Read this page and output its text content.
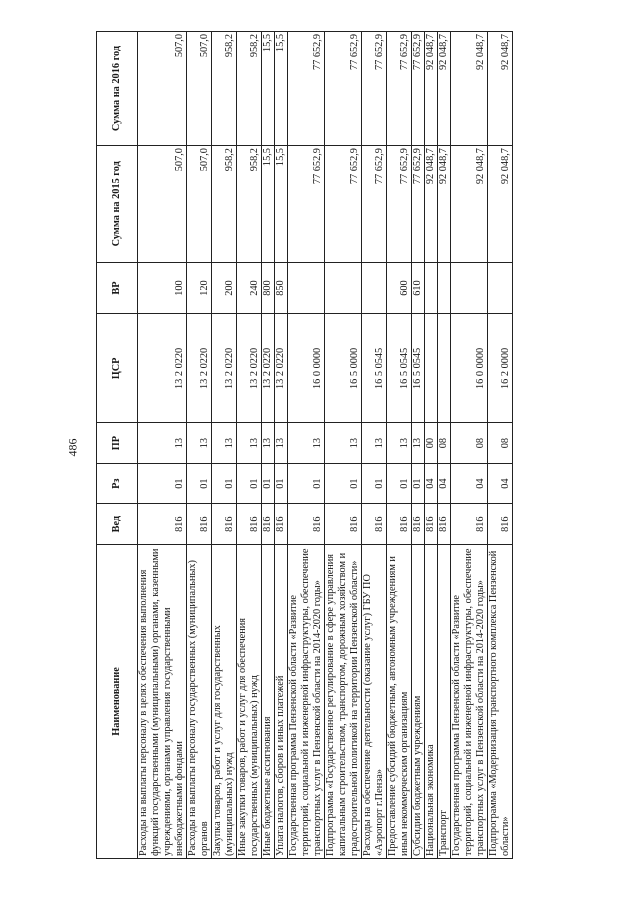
486
Наименование	Вед	Рз	ПР	ЦСР	ВР	Сумма на 2015 год	Сумма на 2016 год
Расходы на выплаты персоналу в целях обеспечения выполнения функций государственными (муниципальными) органами, казенными учреждениями, органами управления государственными внебюджетными фондами	816	01	13	13 2 0220	100	507,0	507,0
Расходы на выплаты персоналу государственных (муниципальных) органов	816	01	13	13 2 0220	120	507,0	507,0
Закупка товаров, работ и услуг для государственных (муниципальных) нужд	816	01	13	13 2 0220	200	958,2	958,2
Иные закупки товаров, работ и услуг для обеспечения государственных (муниципальных) нужд	816	01	13	13 2 0220	240	958,2	958,2
Иные бюджетные ассигнования	816	01	13	13 2 0220	800	15,5	15,5
Уплата налогов, сборов и иных платежей	816	01	13	13 2 0220	850	15,5	15,5
Государственная программа Пензенской области «Развитие территорий, социальной и инженерной инфраструктуры, обеспечение транспортных услуг в Пензенской области на 2014-2020 годы»	816	01	13	16 0 0000		77 652,9	77 652,9
Подпрограмма «Государственное регулирование в сфере управления капитальным строительством, транспортом, дорожным хозяйством и градостроительной политикой на территории Пензенской области»	816	01	13	16 5 0000		77 652,9	77 652,9
Расходы на обеспечение деятельности (оказание услуг) ГБУ ПО «Аэропорт г.Пенза»	816	01	13	16 5 0545		77 652,9	77 652,9
Предоставление субсидий бюджетным, автономным учреждениям и иным некоммерческим организациям	816	01	13	16 5 0545	600	77 652,9	77 652,9
Субсидии бюджетным учреждениям	816	01	13	16 5 0545	610	77 652,9	77 652,9
Национальная экономика	816	04	00			92 048,7	92 048,7
Транспорт	816	04	08			92 048,7	92 048,7
Государственная программа Пензенской области «Развитие территорий, социальной и инженерной инфраструктуры, обеспечение транспортных услуг в Пензенской области на 2014-2020 годы»	816	04	08	16 0 0000		92 048,7	92 048,7
Подпрограмма «Модернизация транспортного комплекса Пензенской области»	816	04	08	16 2 0000		92 048,7	92 048,7
